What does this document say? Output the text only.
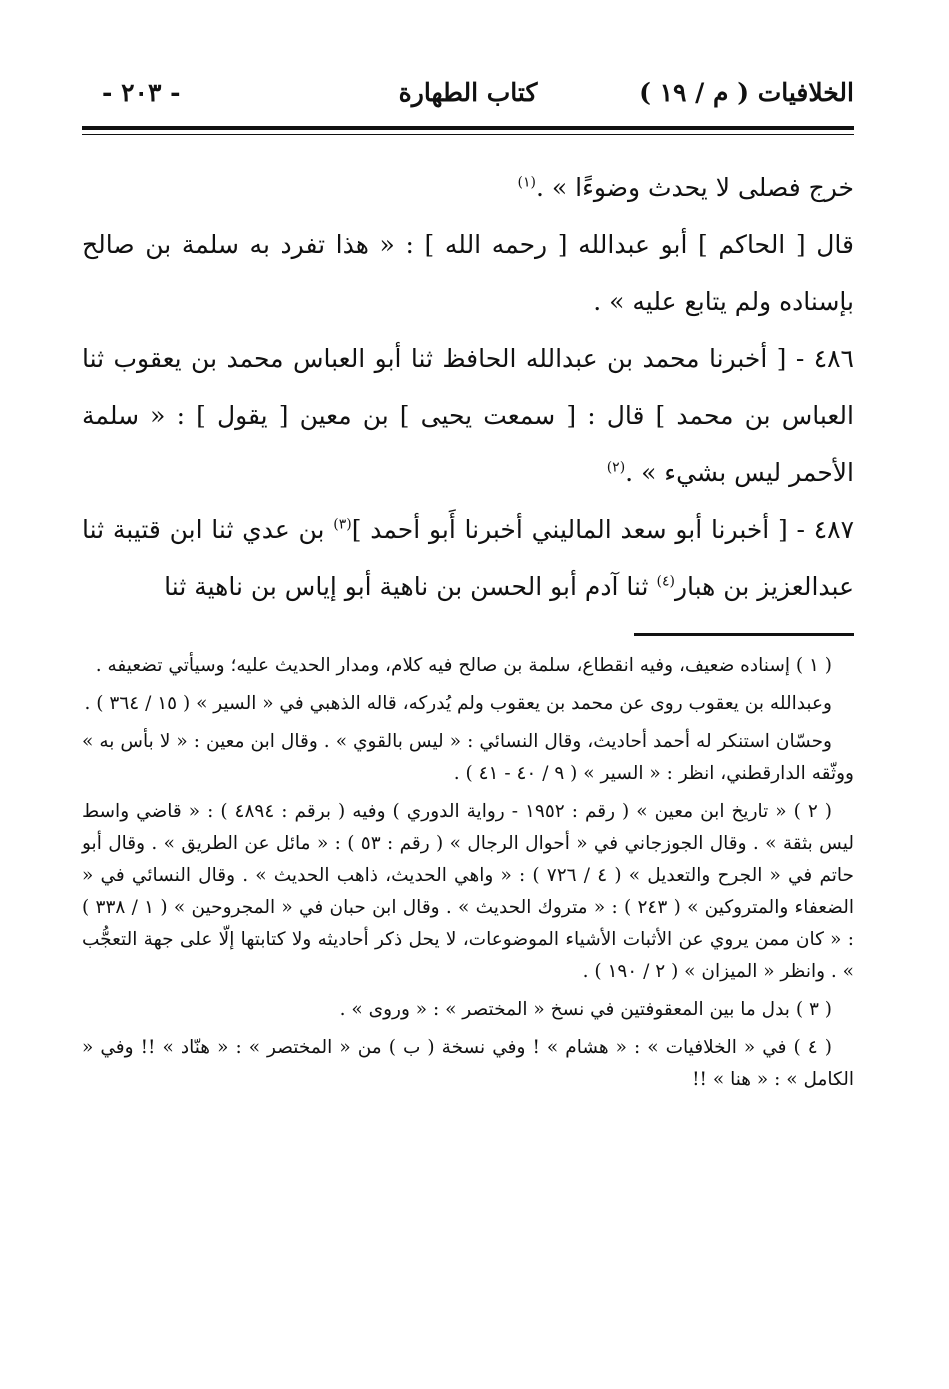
الخلافيات ( م / ١٩ )
كتاب الطهارة
- ٢٠٣ -

خرج فصلى لا يحدث وضوءًا » .$^{(١)}$

قال [ الحاكم ] أبو عبدالله [ رحمه الله ] : « هذا تفرد به سلمة بن صالح بإسناده ولم يتابع عليه » .

٤٨٦ - [ أخبرنا محمد بن عبدالله الحافظ ثنا أبو العباس محمد بن يعقوب ثنا العباس بن محمد ] قال : [ سمعت يحيى ] بن معين [ يقول ] : « سلمة الأحمر ليس بشيء » .$^{(٢)}$

٤٨٧ - [ أخبرنا أبو سعد الماليني أخبرنا أَبو أحمد ]$^{(٣)}$ بن عدي ثنا ابن قتيبة ثنا عبدالعزيز بن هبار$^{(٤)}$ ثنا آدم أبو الحسن بن ناهية أبو إياس بن ناهية ثنا

( ١ ) إسناده ضعيف، وفيه انقطاع، سلمة بن صالح فيه كلام، ومدار الحديث عليه؛ وسيأتي تضعيفه .

وعبدالله بن يعقوب روى عن محمد بن يعقوب ولم يُدركه، قاله الذهبي في « السير » ( ١٥ / ٣٦٤ ) .

وحسّان استنكر له أحمد أحاديث، وقال النسائي : « ليس بالقوي » . وقال ابن معين : « لا بأس به » ووثّقه الدارقطني، انظر : « السير » ( ٩ / ٤٠ - ٤١ ) .

( ٢ ) « تاريخ ابن معين » ( رقم : ١٩٥٢ - رواية الدوري ) وفيه ( برقم : ٤٨٩٤ ) : « قاضي واسط ليس بثقة » . وقال الجوزجاني في « أحوال الرجال » ( رقم : ٥٣ ) : « مائل عن الطريق » . وقال أبو حاتم في « الجرح والتعديل » ( ٤ / ٧٢٦ ) : « واهي الحديث، ذاهب الحديث » . وقال النسائي في « الضعفاء والمتروكين » ( ٢٤٣ ) : « متروك الحديث » . وقال ابن حبان في « المجروحين » ( ١ / ٣٣٨ ) : « كان ممن يروي عن الأثبات الأشياء الموضوعات، لا يحل ذكر أحاديثه ولا كتابتها إلّا على جهة التعجُّب » . وانظر « الميزان » ( ٢ / ١٩٠ ) .

( ٣ ) بدل ما بين المعقوفتين في نسخ « المختصر » : « وروى » .

( ٤ ) في « الخلافيات » : « هشام » ! وفي نسخة ( ب ) من « المختصر » : « هنّاد » !! وفي « الكامل » : « هنا » !!
